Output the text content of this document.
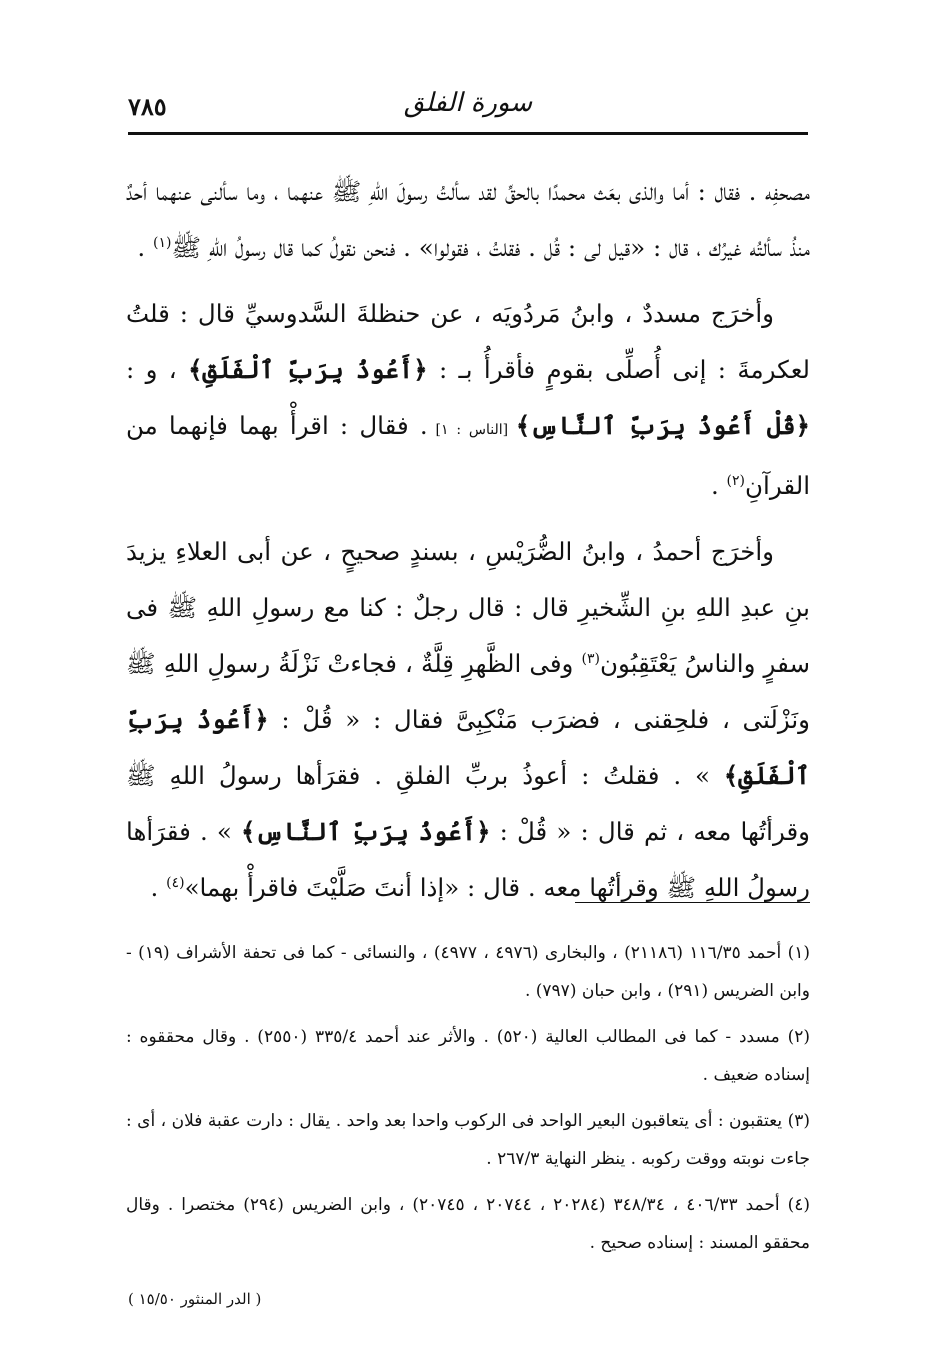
٧٨٥	سورة الفلق

مصحفِه . فقال : أما والذى بعَث محمدًا بالحقِّ لقد سألتُ رسولَ اللهِ ﷺ عنهما ، وما سألنى عنهما أحدٌ منذُ سألتُه غيرُك ، قال : «قيل لى : قُل . فقلتُ ، فقولوا» . فنحن نقولُ كما قال رسولُ اللهِ ﷺ$^{(١)}$ .

وأخرَج مسددٌ ، وابنُ مَردُويَه ، عن حنظلةَ السَّدوسيِّ قال : قلتُ لعكرمةَ : إنى أُصلِّى بقومٍ فأقرأُ بـ : ﴿أَعُوذُ بِرَبِّ ٱلْفَلَقِ﴾ ، و : ﴿قُلْ أَعُوذُ بِرَبِّ ٱلنَّاسِ﴾ [الناس : ١] . فقال : اقرأْ بهما فإنهما من القرآنِ$^{(٢)}$ .

وأخرَج أحمدُ ، وابنُ الضُّرَيْسِ ، بسندٍ صحيحٍ ، عن أبى العلاءِ يزيدَ بنِ عبدِ اللهِ بنِ الشِّخيرِ قال : قال رجلٌ : كنا مع رسولِ اللهِ ﷺ فى سفرٍ والناسُ يَعْتَقِبُون$^{(٣)}$ وفى الظَّهرِ قِلَّةٌ ، فجاءتْ نَزْلَةُ رسولِ اللهِ ﷺ ونَزْلَتى ، فلحِقنى ، فضرَب مَنْكِبِىَّ فقال : « قُلْ : ﴿أَعُوذُ بِرَبِّ ٱلْفَلَقِ﴾ » . فقلتُ : أعوذُ بربِّ الفلقِ . فقرَأها رسولُ اللهِ ﷺ وقرأتُها معه ، ثم قال : « قُلْ : ﴿أَعُوذُ بِرَبِّ ٱلنَّاسِ﴾ » . فقرَأها رسولُ اللهِ ﷺ وقرأتُها معه . قال : «إذا أنتَ صَلَّيْتَ فاقرأْ بهما»$^{(٤)}$ .

(١) أحمد ١١٦/٣٥ (٢١١٨٦) ، والبخارى (٤٩٧٦ ، ٤٩٧٧) ، والنسائى - كما فى تحفة الأشراف (١٩) - وابن الضريس (٢٩١) ، وابن حبان (٧٩٧) .

(٢) مسدد - كما فى المطالب العالية (٥٢٠) . والأثر عند أحمد ٣٣٥/٤ (٢٥٥٠) . وقال محققوه : إسناده ضعيف .

(٣) يعتقبون : أى يتعاقبون البعير الواحد فى الركوب واحدا بعد واحد . يقال : دارت عقبة فلان ، أى : جاءت نوبته ووقت ركوبه . ينظر النهاية ٢٦٧/٣ .

(٤) أحمد ٤٠٦/٣٣ ، ٣٤٨/٣٤ (٢٠٢٨٤ ، ٢٠٧٤٤ ، ٢٠٧٤٥) ، وابن الضريس (٢٩٤) مختصرا . وقال محققو المسند : إسناده صحيح .

( الدر المنثور ١٥/٥٠ )
